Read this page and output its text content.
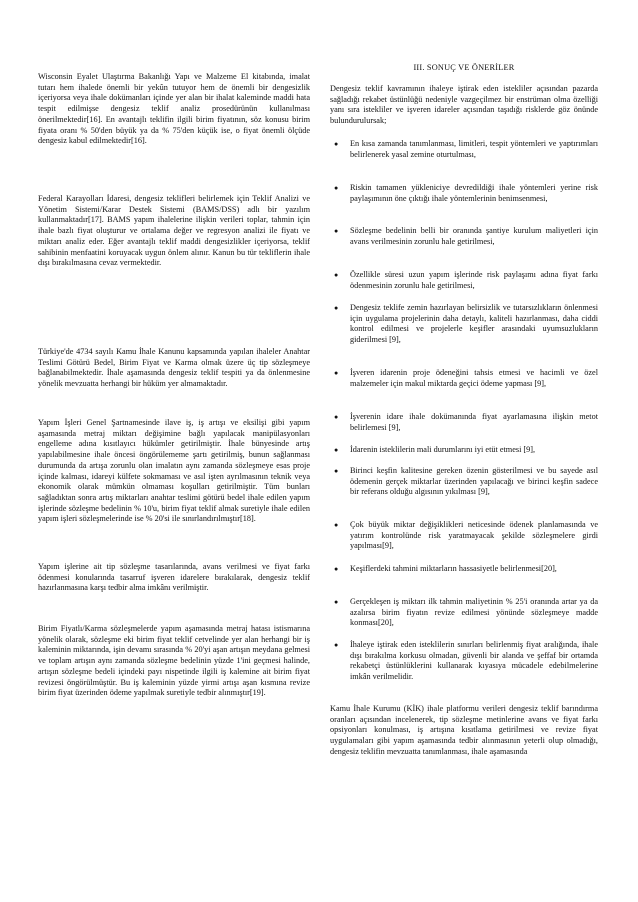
Wisconsin Eyalet Ulaştırma Bakanlığı Yapı ve Malzeme El kitabında, imalat tutarı hem ihalede önemli bir yekûn tutuyor hem de önemli bir dengesizlik içeriyorsa veya ihale dokümanları içinde yer alan bir ihalat kaleminde maddi hata tespit edilmişse dengesiz teklif analiz prosedürünün kullanılması önerilmektedir[16]. En avantajlı teklifin ilgili birim fiyatının, söz konusu birim fiyata oranı % 50'den büyük ya da % 75'den küçük ise, o fiyat önemli ölçüde dengesiz kabul edilmektedir[16].

Federal Karayolları İdaresi, dengesiz teklifleri belirlemek için Teklif Analizi ve Yönetim Sistemi/Karar Destek Sistemi (BAMS/DSS) adlı bir yazılım kullanmaktadır[17]. BAMS yapım ihalelerine ilişkin verileri toplar, tahmin için ihale bazlı fiyat oluşturur ve ortalama değer ve regresyon analizi ile fiyatı ve miktarı analiz eder. Eğer avantajlı teklif maddi dengesizlikler içeriyorsa, teklif sahibinin menfaatini koruyacak uygun önlem alınır. Kanun bu tür tekliflerin ihale dışı bırakılmasına cevaz vermektedir.

Türkiye'de 4734 sayılı Kamu İhale Kanunu kapsamında yapılan ihaleler Anahtar Teslimi Götürü Bedel, Birim Fiyat ve Karma olmak üzere üç tip sözleşmeye bağlanabilmektedir. İhale aşamasında dengesiz teklif tespiti ya da önlenmesine yönelik mevzuatta herhangi bir hüküm yer almamaktadır.

Yapım İşleri Genel Şartnamesinde ilave iş, iş artışı ve eksilişi gibi yapım aşamasında metraj miktarı değişimine bağlı yapılacak manipülasyonları engelleme adına kısıtlayıcı hükümler getirilmiştir. İhale bünyesinde artış yapılabilmesine ihale öncesi öngörülememe şartı getirilmiş, bunun sağlanması durumunda da artışa zorunlu olan imalatın aynı zamanda sözleşmeye esas proje içinde kalması, idareyi külfete sokmaması ve asıl işten ayrılmasının teknik veya ekonomik olarak mümkün olmaması koşulları getirilmiştir. Tüm bunları sağladıktan sonra artış miktarları anahtar teslimi götürü bedel ihale edilen yapım işlerinde sözleşme bedelinin % 10'u, birim fiyat teklif almak suretiyle ihale edilen yapım işleri sözleşmelerinde ise % 20'si ile sınırlandırılmıştır[18].

Yapım işlerine ait tip sözleşme tasarılarında, avans verilmesi ve fiyat farkı ödenmesi konularında tasarruf işveren idarelere bırakılarak, dengesiz teklif hazırlanmasına karşı tedbir alma imkânı verilmiştir.

Birim Fiyatlı/Karma sözleşmelerde yapım aşamasında metraj hatası istismarına yönelik olarak, sözleşme eki birim fiyat teklif cetvelinde yer alan herhangi bir iş kaleminin miktarında, işin devamı sırasında % 20'yi aşan artışın meydana gelmesi ve toplam artışın aynı zamanda sözleşme bedelinin yüzde 1'ini geçmesi halinde, artışın sözleşme bedeli içindeki payı nispetinde ilgili iş kalemine ait birim fiyat revizesi öngörülmüştür. Bu iş kaleminin yüzde yirmi artışı aşan kısmına revize birim fiyat üzerinden ödeme yapılmak suretiyle tedbir alınmıştır[19].

III. SONUÇ VE ÖNERİLER

Dengesiz teklif kavramının ihaleye iştirak eden istekliler açısından pazarda sağladığı rekabet üstünlüğü nedeniyle vazgeçilmez bir enstrüman olma özelliği yanı sıra istekliler ve işveren idareler açısından taşıdığı risklerde göz önünde bulundurulursak;

● En kısa zamanda tanımlanması, limitleri, tespit yöntemleri ve yaptırımları belirlenerek yasal zemine oturtulması,

● Riskin tamamen yükleniciye devredildiği ihale yöntemleri yerine risk paylaşımının öne çıktığı ihale yöntemlerinin benimsenmesi,

● Sözleşme bedelinin belli bir oranında şantiye kurulum maliyetleri için avans verilmesinin zorunlu hale getirilmesi,

● Özellikle süresi uzun yapım işlerinde risk paylaşımı adına fiyat farkı ödenmesinin zorunlu hale getirilmesi,

● Dengesiz teklife zemin hazırlayan belirsizlik ve tutarsızlıkların önlenmesi için uygulama projelerinin daha detaylı, kaliteli hazırlanması, daha ciddi kontrol edilmesi ve projelerle keşifler arasındaki uyumsuzlukların giderilmesi [9],

● İşveren idarenin proje ödeneğini tahsis etmesi ve hacimli ve özel malzemeler için makul miktarda geçici ödeme yapması [9],

● İşverenin idare ihale dokümanında fiyat ayarlamasına ilişkin metot belirlemesi [9],

● İdarenin isteklilerin mali durumlarını iyi etüt etmesi [9],

● Birinci keşfin kalitesine gereken özenin gösterilmesi ve bu sayede asıl ödemenin gerçek miktarlar üzerinden yapılacağı ve birinci keşfin sadece bir referans olduğu algısının yıkılması [9],

● Çok büyük miktar değişiklikleri neticesinde ödenek planlamasında ve yatırım kontrolünde risk yaratmayacak şekilde sözleşmelere girdi yapılması[9],

● Keşiflerdeki tahmini miktarların hassasiyetle belirlenmesi[20],

● Gerçekleşen iş miktarı ilk tahmin maliyetinin % 25'i oranında artar ya da azalırsa birim fiyatın revize edilmesi yönünde sözleşmeye madde konması[20],

● İhaleye iştirak eden isteklilerin sınırları belirlenmiş fiyat aralığında, ihale dışı bırakılma korkusu olmadan, güvenli bir alanda ve şeffaf bir ortamda rekabetçi üstünlüklerini kullanarak kıyasıya mücadele edebilmelerine imkân verilmelidir.

Kamu İhale Kurumu (KİK) ihale platformu verileri dengesiz teklif barındırma oranları açısından incelenerek, tip sözleşme metinlerine avans ve fiyat farkı opsiyonları konulması, iş artışına kısıtlama getirilmesi ve revize fiyat uygulamaları gibi yapım aşamasında tedbir alınmasının yeterli olup olmadığı, dengesiz teklifin mevzuatta tanımlanması, ihale aşamasında
